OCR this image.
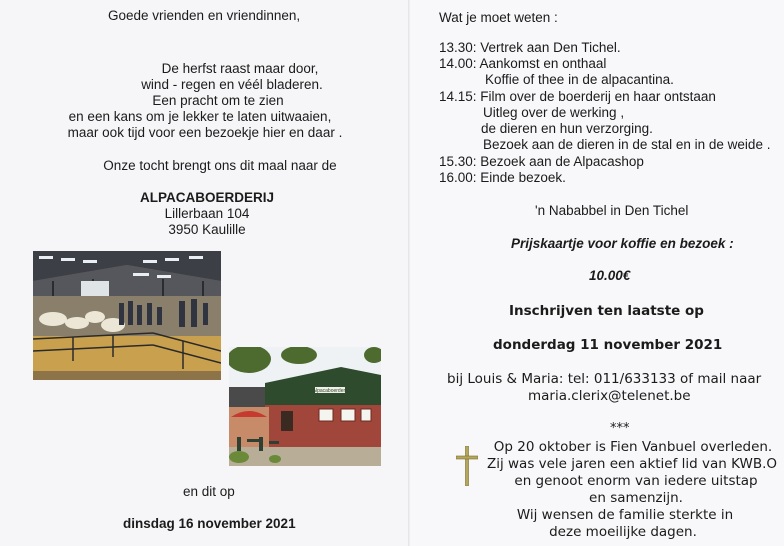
Goede vrienden en vriendinnen,
De herfst raast maar door,
wind - regen en véél bladeren.
Een pracht om te zien
en een kans om je lekker te laten uitwaaien,
maar ook tijd voor een bezoekje hier en daar .
Onze tocht brengt ons dit maal naar de
ALPACABOERDERIJ
Lillerbaan 104
3950 Kaulille
Alpacaboerderij
en dit op
dinsdag 16 november 2021
Wat je moet weten :
13.30: Vertrek aan Den Tichel.
14.00: Aankomst en onthaal
Koffie of thee in de alpacantina.
14.15: Film over de boerderij en haar ontstaan
Uitleg over de werking ,
de dieren en hun verzorging.
Bezoek aan de dieren in de stal en in de weide .
15.30: Bezoek aan de Alpacashop
16.00: Einde bezoek.
'n Nababbel in Den Tichel
Prijskaartje voor koffie en bezoek :
10.00€
Inschrijven ten laatste op
donderdag 11 november 2021
bij Louis & Maria: tel: 011/633133 of mail naar
maria.clerix@telenet.be
***
Op 20 oktober is Fien Vanbuel overleden.
Zij was vele jaren een aktief lid van KWB.O
en genoot enorm van iedere uitstap
en samenzijn.
Wij wensen de familie sterkte in
deze moeilijke dagen.
